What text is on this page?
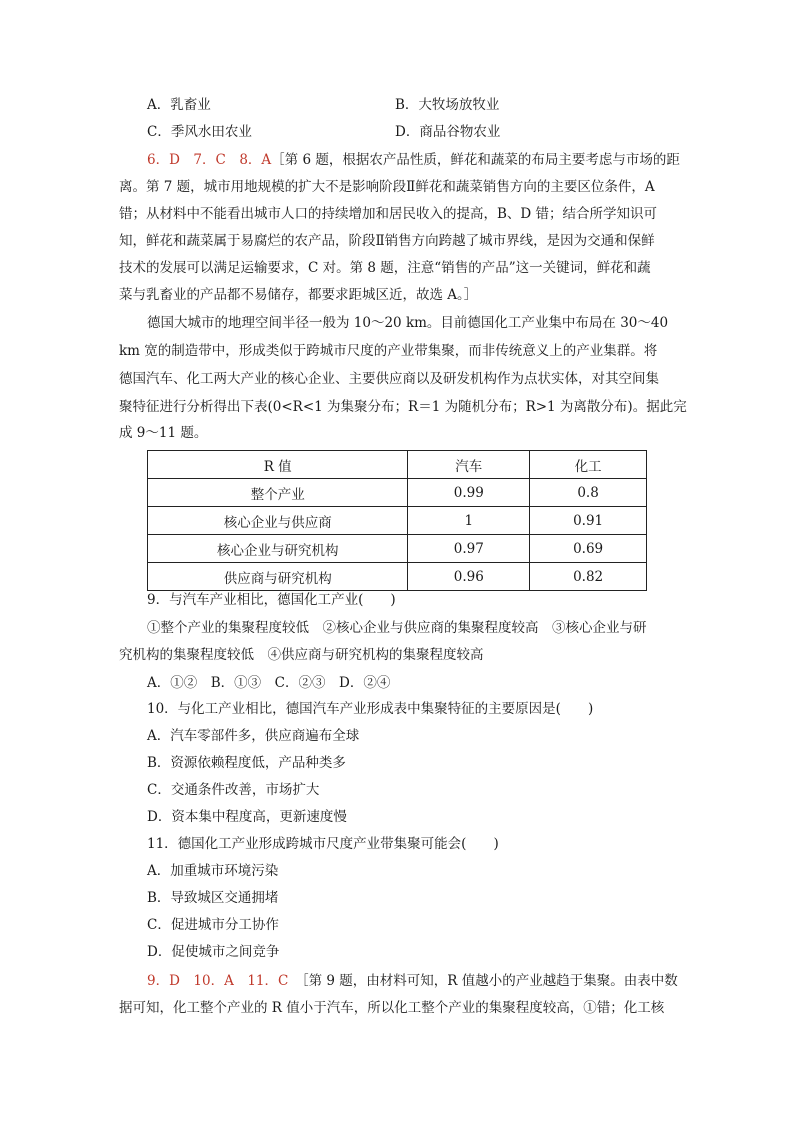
A．乳畜业	B．大牧场放牧业
C．季风水田农业	D．商品谷物农业
6．D　7．C　8．A［第 6 题，根据农产品性质，鲜花和蔬菜的布局主要考虑与市场的距
离。第 7 题，城市用地规模的扩大不是影响阶段Ⅱ鲜花和蔬菜销售方向的主要区位条件，A
错；从材料中不能看出城市人口的持续增加和居民收入的提高，B、D 错；结合所学知识可
知，鲜花和蔬菜属于易腐烂的农产品，阶段Ⅱ销售方向跨越了城市界线，是因为交通和保鲜
技术的发展可以满足运输要求，C 对。第 8 题，注意“销售的产品”这一关键词，鲜花和蔬
菜与乳畜业的产品都不易储存，都要求距城区近，故选 A。］
德国大城市的地理空间半径一般为 10～20 km。目前德国化工产业集中布局在 30～40
km 宽的制造带中，形成类似于跨城市尺度的产业带集聚，而非传统意义上的产业集群。将
德国汽车、化工两大产业的核心企业、主要供应商以及研发机构作为点状实体，对其空间集
聚特征进行分析得出下表(0<R<1 为集聚分布；R＝1 为随机分布；R>1 为离散分布)。据此完
成 9～11 题。
R 值	汽车	化工
整个产业	0.99	0.8
核心企业与供应商	1	0.91
核心企业与研究机构	0.97	0.69
供应商与研究机构	0.96	0.82
9．与汽车产业相比，德国化工产业(　　)
①整个产业的集聚程度较低　②核心企业与供应商的集聚程度较高　③核心企业与研
究机构的集聚程度较低　④供应商与研究机构的集聚程度较高
A．①②　B．①③　C．②③　D．②④
10．与化工产业相比，德国汽车产业形成表中集聚特征的主要原因是(　　)
A．汽车零部件多，供应商遍布全球
B．资源依赖程度低，产品种类多
C．交通条件改善，市场扩大
D．资本集中程度高，更新速度慢
11．德国化工产业形成跨城市尺度产业带集聚可能会(　　)
A．加重城市环境污染
B．导致城区交通拥堵
C．促进城市分工协作
D．促使城市之间竞争
9．D　10．A　11．C　 ［第 9 题，由材料可知，R 值越小的产业越趋于集聚。由表中数
据可知，化工整个产业的 R 值小于汽车，所以化工整个产业的集聚程度较高，①错；化工核
